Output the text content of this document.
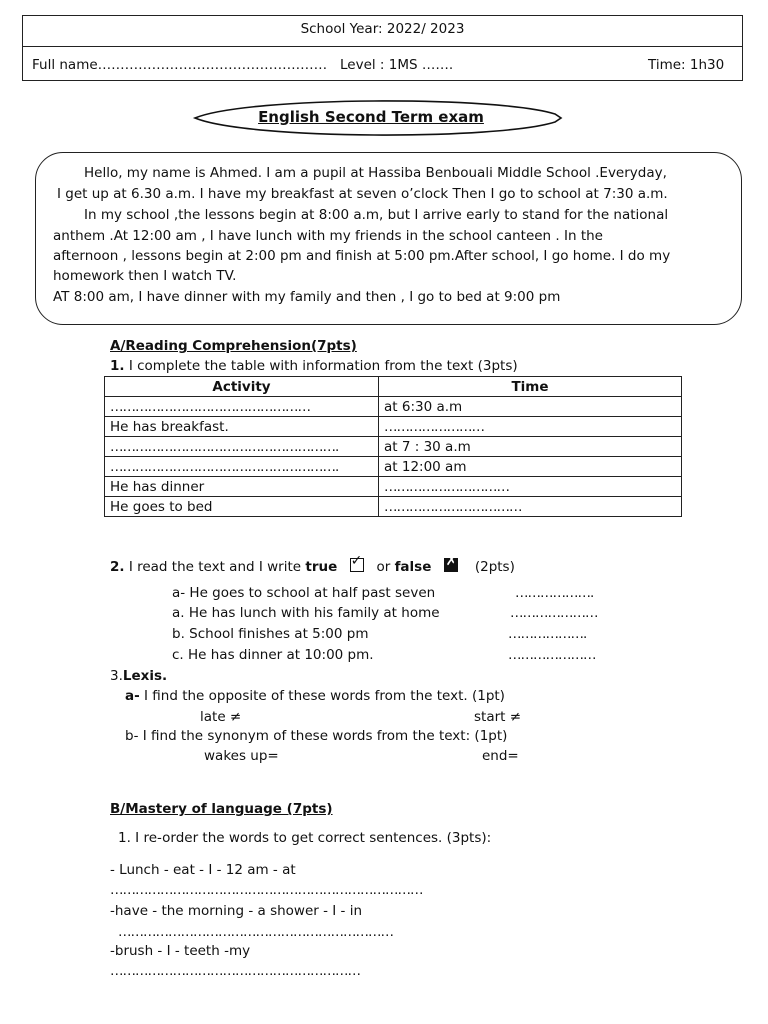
School Year: 2022/ 2023
Full name…………………………………………… Level : 1MS …….	Time: 1h30
English Second Term exam
Hello, my name is Ahmed. I am a pupil at Hassiba Benbouali Middle School .Everyday,
I get up at 6.30 a.m. I have my breakfast at seven o’clock Then I go to school at 7:30 a.m.
In my school ,the lessons begin at 8:00 a.m, but I arrive early to stand for the national
anthem .At 12:00 am , I have lunch with my friends in the school canteen . In the
afternoon , lessons begin at 2:00 pm and finish at 5:00 pm.After school, I go home. I do my
homework then I watch TV.
AT 8:00 am, I have dinner with my family and then , I go to bed at 9:00 pm
A/Reading Comprehension(7pts)
1. I complete the table with information from the text (3pts)
Activity	Time
…………………………………………	at 6:30 a.m
He has breakfast.	……………………
……………………………………………….	at 7 : 30 a.m
……………………………………………….	at 12:00 am
He has dinner	…………………………
He goes to bed	……………………………
2. I read the text and I write true ✓ or false ✗ (2pts)
a- He goes to school at half past seven	……………….
a. He has lunch with his family at home	…………………
b. School finishes at 5:00 pm	……………….
c. He has dinner at 10:00 pm.	…………………
3.Lexis.
a- I find the opposite of these words from the text. (1pt)
late ≠	start ≠
b- I find the synonym of these words from the text: (1pt)
wakes up=	end=
B/Mastery of language (7pts)
1. I re-order the words to get correct sentences. (3pts):
- Lunch - eat - I - 12 am - at
…………………………………………………………………
-have - the morning - a shower - I - in
…………………………………………………………
-brush - I - teeth -my
……………………………………………………
